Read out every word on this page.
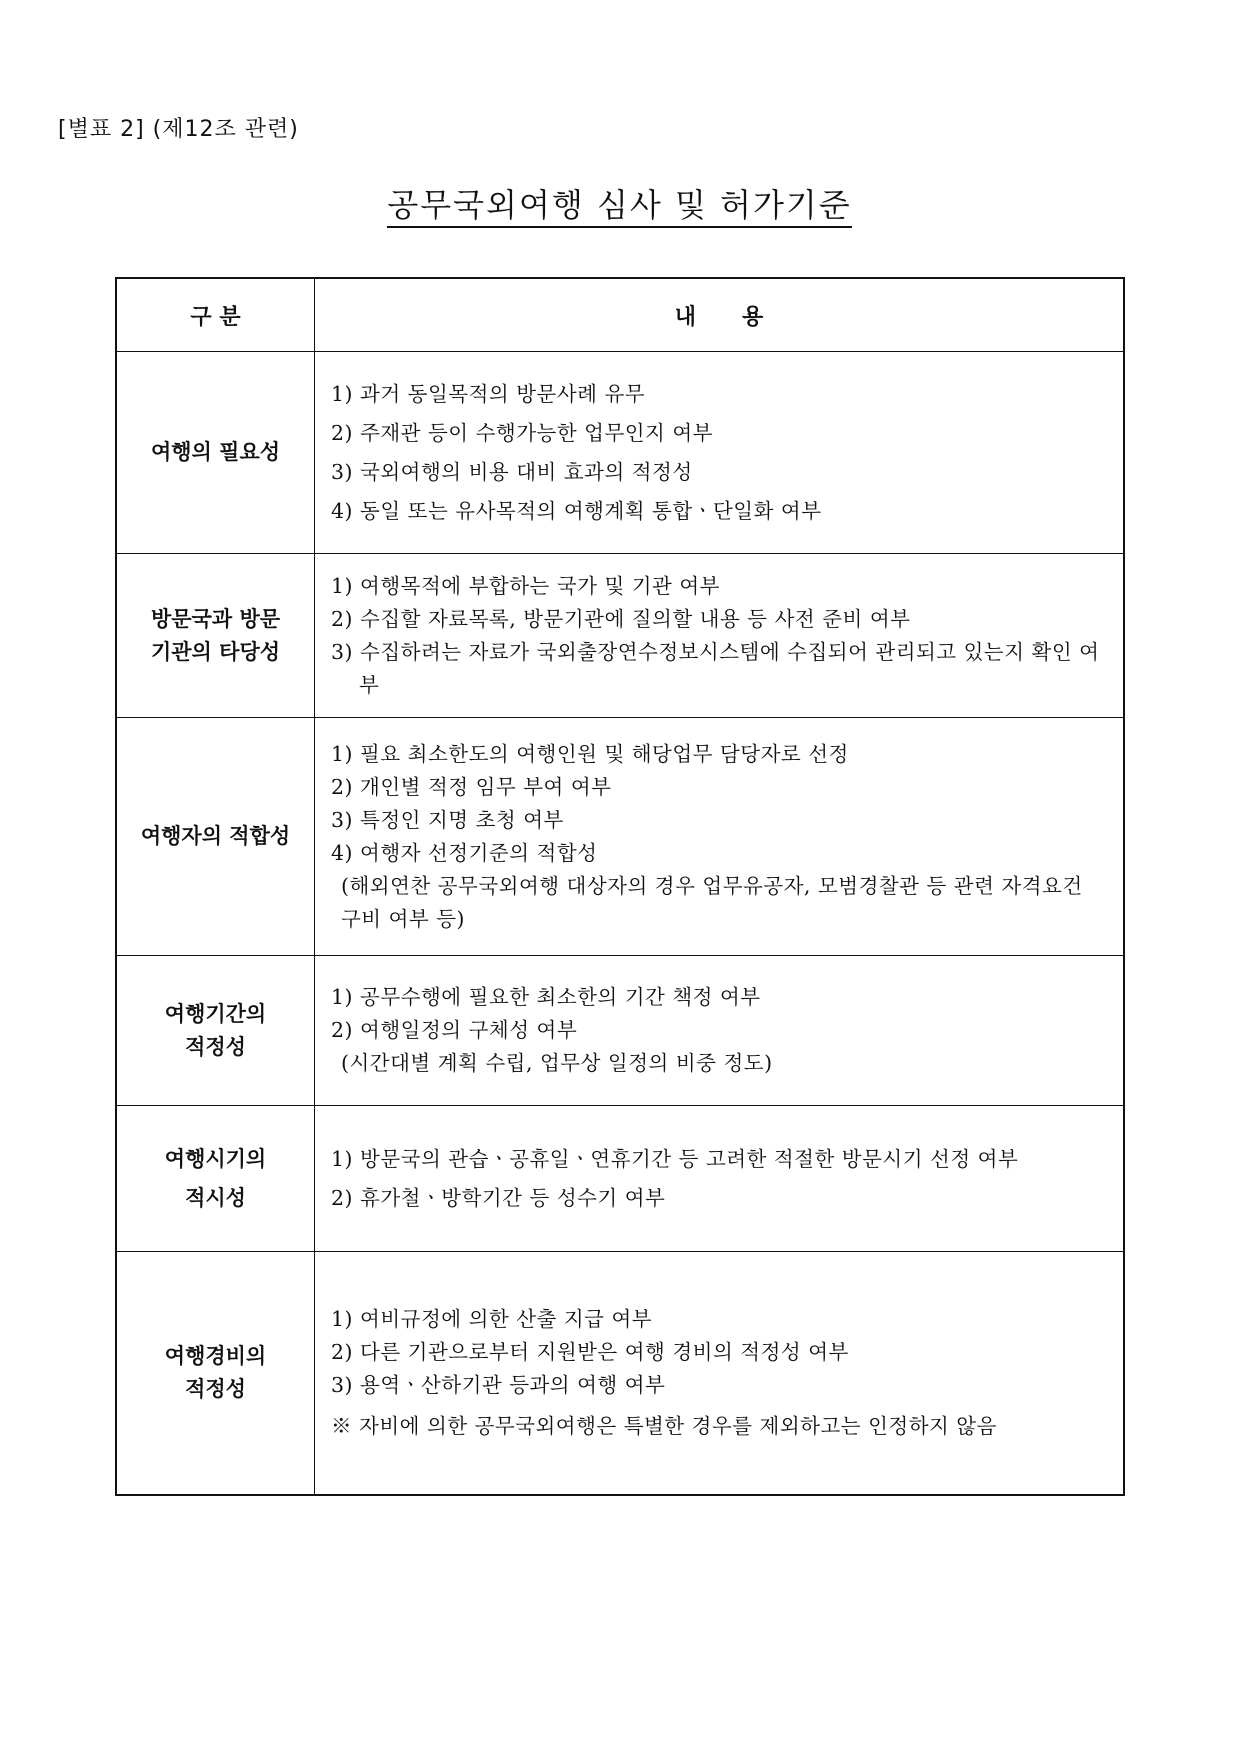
[별표 2] (제12조 관련)
공무국외여행 심사 및 허가기준
구 분	내      용
여행의 필요성	1) 과거 동일목적의 방문사례 유무
2) 주재관 등이 수행가능한 업무인지 여부
3) 국외여행의 비용 대비 효과의 적정성
4) 동일 또는 유사목적의 여행계획 통합ㆍ단일화 여부

방문국과 방문기관의 타당성	1) 여행목적에 부합하는 국가 및 기관 여부
2) 수집할 자료목록, 방문기관에 질의할 내용 등 사전 준비 여부
3) 수집하려는 자료가 국외출장연수정보시스템에 수집되어 관리되고 있는지 확인 여부

여행자의 적합성	1) 필요 최소한도의 여행인원 및 해당업무 담당자로 선정
2) 개인별 적정 임무 부여 여부
3) 특정인 지명 초청 여부
4) 여행자 선정기준의 적합성
(해외연찬 공무국외여행 대상자의 경우 업무유공자, 모범경찰관 등 관련 자격요건 구비 여부 등)

여행기간의 적정성	1) 공무수행에 필요한 최소한의 기간 책정 여부
2) 여행일정의 구체성 여부
(시간대별 계획 수립, 업무상 일정의 비중 정도)

여행시기의 적시성	1) 방문국의 관습ㆍ공휴일ㆍ연휴기간 등 고려한 적절한 방문시기 선정 여부
2) 휴가철ㆍ방학기간 등 성수기 여부

여행경비의 적정성	1) 여비규정에 의한 산출 지급 여부
2) 다른 기관으로부터 지원받은 여행 경비의 적정성 여부
3) 용역ㆍ산하기관 등과의 여행 여부
※ 자비에 의한 공무국외여행은 특별한 경우를 제외하고는 인정하지 않음
